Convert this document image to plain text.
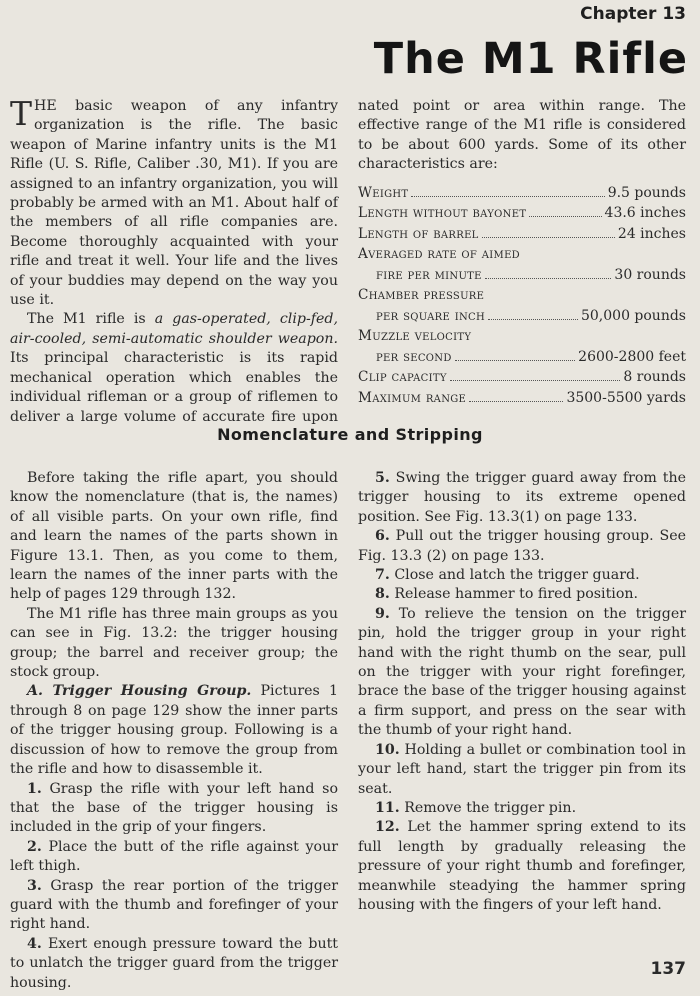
Chapter 13
The M1 Rifle

THE basic weapon of any infantry organization is the rifle. The basic weapon of Marine infantry units is the M1 Rifle (U. S. Rifle, Caliber .30, M1). If you are assigned to an infantry organization, you will probably be armed with an M1. About half of the members of all rifle companies are. Become thoroughly acquainted with your rifle and treat it well. Your life and the lives of your buddies may depend on the way you use it.

The M1 rifle is a gas-operated, clip-fed, air-cooled, semi-automatic shoulder weapon. Its principal characteristic is its rapid mechanical operation which enables the individual rifleman or a group of riflemen to deliver a large volume of accurate fire upon

nated point or area within range. The effective range of the M1 rifle is considered to be about 600 yards. Some of its other characteristics are:

Weight	9.5 pounds
Length without bayonet	43.6 inches
Length of barrel	24 inches
Averaged rate of aimed
fire per minute	30 rounds
Chamber pressure
per square inch	50,000 pounds
Muzzle velocity
per second	2600-2800 feet
Clip capacity	8 rounds
Maximum range	3500-5500 yards
Nomenclature and Stripping

Before taking the rifle apart, you should know the nomenclature (that is, the names) of all visible parts. On your own rifle, find and learn the names of the parts shown in Figure 13.1. Then, as you come to them, learn the names of the inner parts with the help of pages 129 through 132.

The M1 rifle has three main groups as you can see in Fig. 13.2: the trigger housing group; the barrel and receiver group; the stock group.

A. Trigger Housing Group. Pictures 1 through 8 on page 129 show the inner parts of the trigger housing group. Following is a discussion of how to remove the group from the rifle and how to disassemble it.

1. Grasp the rifle with your left hand so that the base of the trigger housing is included in the grip of your fingers.

2. Place the butt of the rifle against your left thigh.

3. Grasp the rear portion of the trigger guard with the thumb and forefinger of your right hand.

4. Exert enough pressure toward the butt to unlatch the trigger guard from the trigger housing.

5. Swing the trigger guard away from the trigger housing to its extreme opened position. See Fig. 13.3(1) on page 133.

6. Pull out the trigger housing group. See Fig. 13.3 (2) on page 133.

7. Close and latch the trigger guard.

8. Release hammer to fired position.

9. To relieve the tension on the trigger pin, hold the trigger group in your right hand with the right thumb on the sear, pull on the trigger with your right forefinger, brace the base of the trigger housing against a firm support, and press on the sear with the thumb of your right hand.

10. Holding a bullet or combination tool in your left hand, start the trigger pin from its seat.

11. Remove the trigger pin.

12. Let the hammer spring extend to its full length by gradually releasing the pressure of your right thumb and forefinger, meanwhile steadying the hammer spring housing with the fingers of your left hand.

137
